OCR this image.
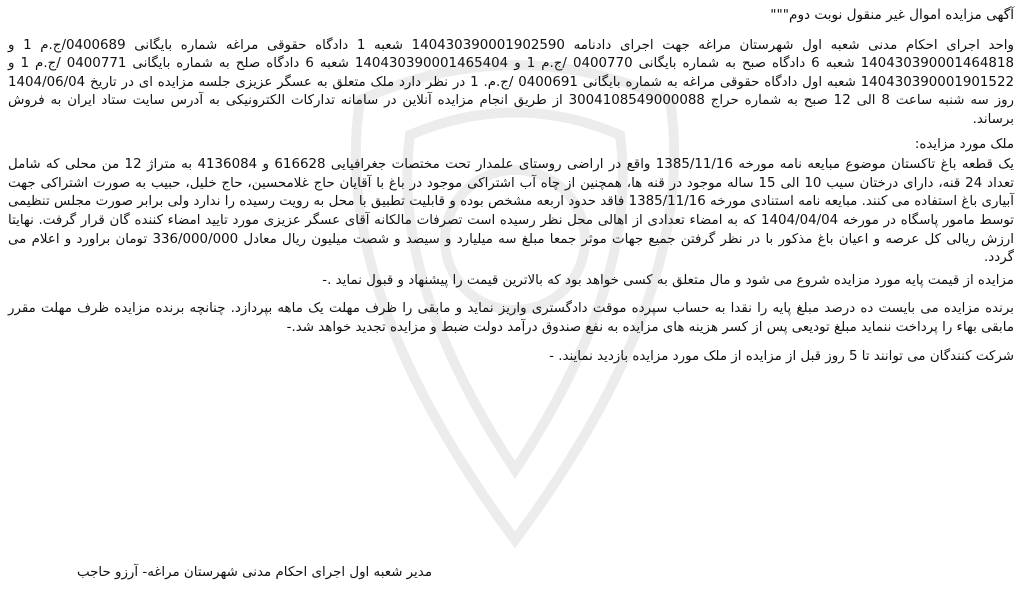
آگهی مزایده اموال غیر منقول نوبت دوم"""

واحد اجرای احکام مدنی شعبه اول شهرستان مراغه جهت اجرای دادنامه 140430390001902590 شعبه 1 دادگاه حقوقی مراغه شماره بایگانی 0400689/ج.م 1 و 140430390001464818 شعبه 6 دادگاه صبح به شماره بایگانی 0400770 /ج.م 1 و 140430390001465404 شعبه 6 دادگاه صلح به شماره بایگانی 0400771 /ج.م 1 و 140430390001901522 شعبه اول دادگاه حقوقی مراغه به شماره بایگانی 0400691 /ج.م. 1 در نظر دارد ملک متعلق به عسگر عزیزی جلسه مزایده ای در تاریخ 1404/06/04 روز سه شنبه ساعت 8 الی 12 صبح به شماره حراج 3004108549000088 از طریق انجام مزایده آنلاین در سامانه تدارکات الکترونیکی به آدرس سایت ستاد ایران به فروش برساند.

ملک مورد مزایده:

یک قطعه باغ تاکستان موضوع مبایعه نامه مورخه 1385/11/16 واقع در اراضی روستای علمدار تحت مختصات جغرافیایی 616628 و 4136084 به متراژ 12 من محلی که شامل تعداد 24 قنه، دارای درختان سیب 10 الی 15 ساله موجود در قنه ها، همچنین از چاه آب اشتراکی موجود در باغ با آقایان حاج غلامحسین، حاج خلیل، حبیب به صورت اشتراکی جهت آبیاری باغ استفاده می کنند. مبایعه نامه استنادی مورخه 1385/11/16 فاقد حدود اربعه مشخص بوده و قابلیت تطبیق با محل به رویت رسیده را ندارد ولی برابر صورت مجلس تنظیمی توسط مامور پاسگاه در مورخه 1404/04/04 که به امضاء تعدادی از اهالی محل نظر رسیده است تصرفات مالکانه آقای عسگر عزیزی مورد تایید امضاء کننده گان قرار گرفت. نهایتا ارزش ریالی کل عرصه و اعیان باغ مذکور با در نظر گرفتن جمیع جهات موثر جمعا مبلغ سه میلیارد و سیصد و شصت میلیون ریال معادل 336/000/000 تومان براورد و اعلام می گردد.

مزایده از قیمت پایه مورد مزایده شروع می شود و مال متعلق به کسی خواهد بود که بالاترین قیمت را پیشنهاد و قبول نماید .-

برنده مزایده می بایست ده درصد مبلغ پایه را نقدا به حساب سپرده موقت دادگستری واریز نماید و مابقی را ظرف مهلت یک ماهه بپردازد. چنانچه برنده مزایده ظرف مهلت مقرر مابقی بهاء را پرداخت ننماید مبلغ تودیعی پس از کسر هزینه های مزایده به نفع صندوق درآمد دولت ضبط و مزایده تجدید خواهد شد.-

شرکت کنندگان می توانند تا 5 روز قبل از مزایده از ملک مورد مزایده بازدید نمایند. -

مدیر شعبه اول اجرای احکام مدنی شهرستان مراغه- آرزو حاجب
